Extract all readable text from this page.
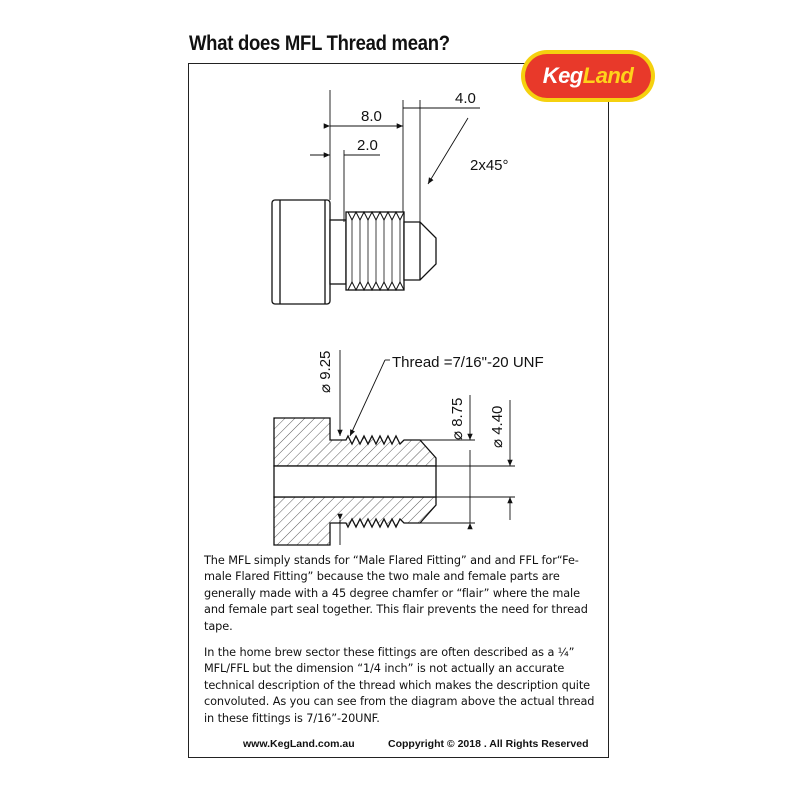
What does MFL Thread mean?
Keg Land
8.0
4.0
2.0
2x45°
⌀ 9.25	Thread =7/16"-20 UNF
⌀ 8.75
⌀ 4.40
The MFL simply stands for “Male Flared Fitting” and and FFL for“Fe-male Flared Fitting” because the two male and female parts are generally made with a 45 degree chamfer or “flair” where the male and female part seal together. This flair prevents the need for thread tape.
In the home brew sector these fittings are often described as a ¼” MFL/FFL but the dimension “1/4 inch” is not actually an accurate technical description of the thread which makes the description quite convoluted. As you can see from the diagram above the actual thread in these fittings is 7/16”-20UNF.
www.KegLand.com.au	Coppyright © 2018 . All Rights Reserved
